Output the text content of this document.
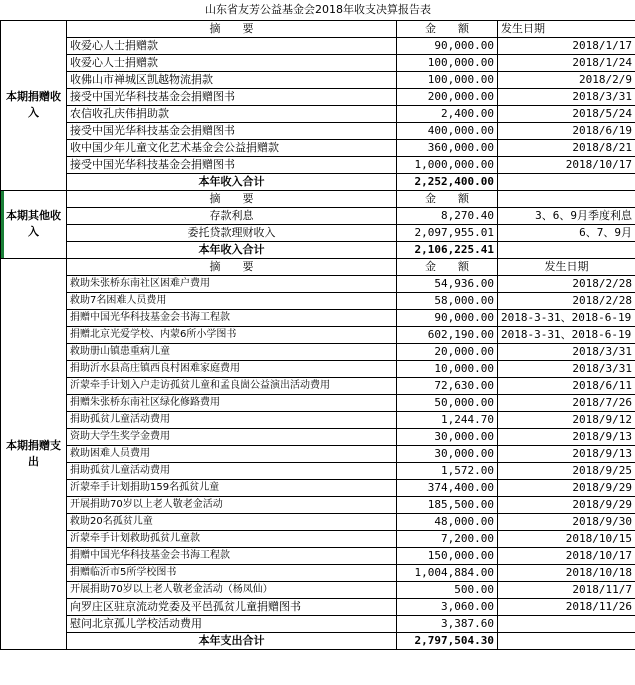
山东省友芳公益基金会2018年收支决算报告表			
本期捐赠收入	摘　　要	金　　额	发生日期
	收爱心人士捐赠款	90,000.00	2018/1/17
	收爱心人士捐赠款	100,000.00	2018/1/24
	收佛山市禅城区凯越物流捐款	100,000.00	2018/2/9
	接受中国光华科技基金会捐赠图书	200,000.00	2018/3/31
	农信收孔庆伟捐助款	2,400.00	2018/5/24
	接受中国光华科技基金会捐赠图书	400,000.00	2018/6/19
	收中国少年儿童文化艺术基金会公益捐赠款	360,000.00	2018/8/21
	接受中国光华科技基金会捐赠图书	1,000,000.00	2018/10/17
	本年收入合计	2,252,400.00	
本期其他收入	摘　　要	金　　额	
	存款利息	8,270.40	3、6、9月季度利息
	委托贷款理财收入	2,097,955.01	6、7、9月
	本年收入合计	2,106,225.41	
本期捐赠支出	摘　　要	金　　额	发生日期
	救助朱张桥东南社区困难户费用	54,936.00	2018/2/28
	救助7名困难人员费用	58,000.00	2018/2/28
	捐赠中国光华科技基金会书海工程款	90,000.00	2018-3-31、2018-6-19
	捐赠北京光爱学校、内蒙6所小学图书	602,190.00	2018-3-31、2018-6-19
	救助册山镇患重病儿童	20,000.00	2018/3/31
	捐助沂水县高庄镇西良村困难家庭费用	10,000.00	2018/3/31
	沂蒙牵手计划入户走访孤贫儿童和孟良崮公益演出活动费用	72,630.00	2018/6/11
	捐赠朱张桥东南社区绿化修路费用	50,000.00	2018/7/26
	捐助孤贫儿童活动费用	1,244.70	2018/9/12
	资助大学生奖学金费用	30,000.00	2018/9/13
	救助困难人员费用	30,000.00	2018/9/13
	捐助孤贫儿童活动费用	1,572.00	2018/9/25
	沂蒙牵手计划捐助159名孤贫儿童	374,400.00	2018/9/29
	开展捐助70岁以上老人敬老金活动	185,500.00	2018/9/29
	救助20名孤贫儿童	48,000.00	2018/9/30
	沂蒙牵手计划救助孤贫儿童款	7,200.00	2018/10/15
	捐赠中国光华科技基金会书海工程款	150,000.00	2018/10/17
	捐赠临沂市5所学校图书	1,004,884.00	2018/10/18
	开展捐助70岁以上老人敬老金活动（杨凤仙）	500.00	2018/11/7
	向罗庄区驻京流动党委及平邑孤贫儿童捐赠图书	3,060.00	2018/11/26
	慰问北京孤儿学校活动费用	3,387.60	
	本年支出合计	2,797,504.30	
